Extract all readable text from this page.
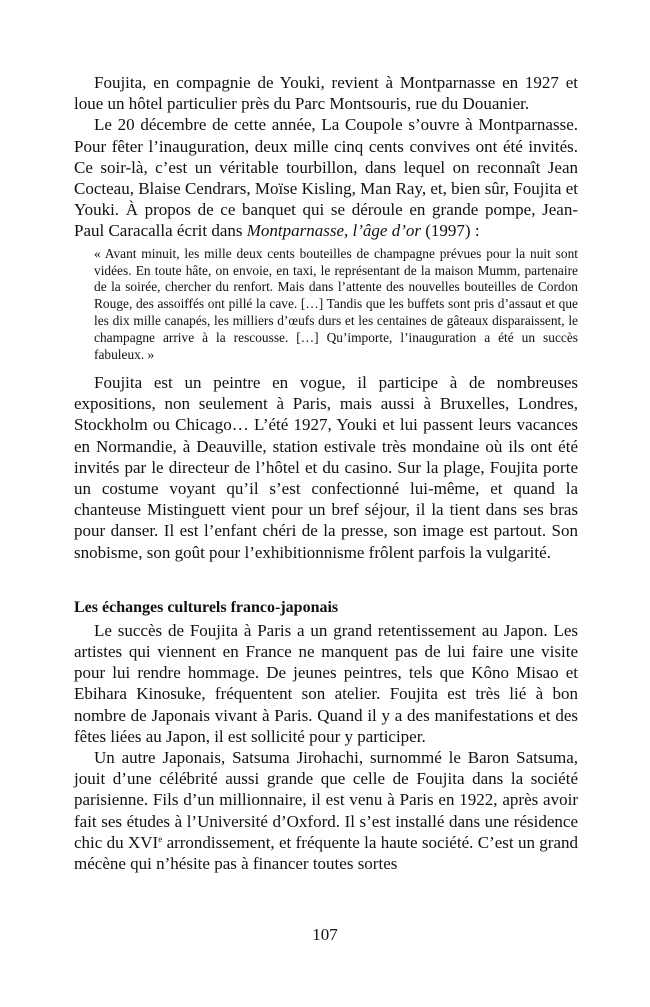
Foujita, en compagnie de Youki, revient à Montparnasse en 1927 et loue un hôtel particulier près du Parc Montsouris, rue du Douanier.

Le 20 décembre de cette année, La Coupole s’ouvre à Montparnasse. Pour fêter l’inauguration, deux mille cinq cents convives ont été invités. Ce soir-là, c’est un véritable tourbillon, dans lequel on reconnaît Jean Cocteau, Blaise Cendrars, Moïse Kisling, Man Ray, et, bien sûr, Foujita et Youki. À propos de ce banquet qui se déroule en grande pompe, Jean-Paul Caracalla écrit dans Montparnasse, l’âge d’or (1997) :

« Avant minuit, les mille deux cents bouteilles de champagne prévues pour la nuit sont vidées. En toute hâte, on envoie, en taxi, le représentant de la maison Mumm, partenaire de la soirée, chercher du renfort. Mais dans l’attente des nouvelles bouteilles de Cordon Rouge, des assoiffés ont pillé la cave. […] Tandis que les buffets sont pris d’assaut et que les dix mille canapés, les milliers d’œufs durs et les centaines de gâteaux disparaissent, le champagne arrive à la rescousse. […] Qu’importe, l’inauguration a été un succès fabuleux. »

Foujita est un peintre en vogue, il participe à de nombreuses expositions, non seulement à Paris, mais aussi à Bruxelles, Londres, Stockholm ou Chicago… L’été 1927, Youki et lui passent leurs vacances en Normandie, à Deauville, station estivale très mondaine où ils ont été invités par le directeur de l’hôtel et du casino. Sur la plage, Foujita porte un costume voyant qu’il s’est confectionné lui-même, et quand la chanteuse Mistinguett vient pour un bref séjour, il la tient dans ses bras pour danser. Il est l’enfant chéri de la presse, son image est partout. Son snobisme, son goût pour l’exhibitionnisme frôlent parfois la vulgarité.

Les échanges culturels franco-japonais

Le succès de Foujita à Paris a un grand retentissement au Japon. Les artistes qui viennent en France ne manquent pas de lui faire une visite pour lui rendre hommage. De jeunes peintres, tels que Kôno Misao et Ebihara Kinosuke, fréquentent son atelier. Foujita est très lié à bon nombre de Japonais vivant à Paris. Quand il y a des manifestations et des fêtes liées au Japon, il est sollicité pour y participer.

Un autre Japonais, Satsuma Jirohachi, surnommé le Baron Satsuma, jouit d’une célébrité aussi grande que celle de Foujita dans la société parisienne. Fils d’un millionnaire, il est venu à Paris en 1922, après avoir fait ses études à l’Université d’Oxford. Il s’est installé dans une résidence chic du XVIe arrondissement, et fréquente la haute société. C’est un grand mécène qui n’hésite pas à financer toutes sortes

107
